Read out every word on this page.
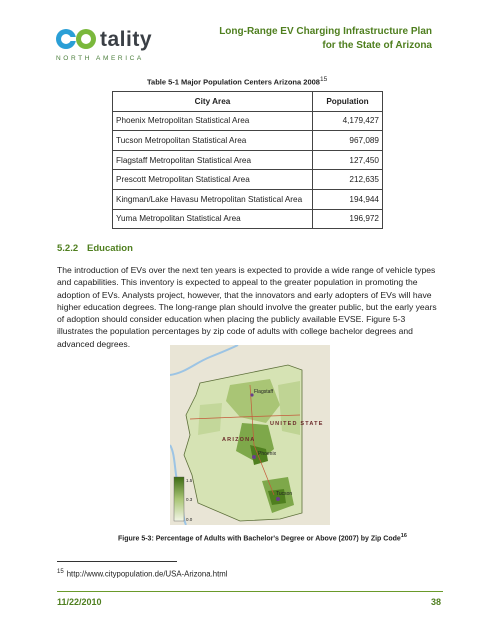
tality
NORTH AMERICA
Long-Range EV Charging Infrastructure Plan
for the State of Arizona
Table 5-1 Major Population Centers Arizona 2008$^{15}$
City Area	Population
Phoenix Metropolitan Statistical Area	4,179,427
Tucson Metropolitan Statistical Area	967,089
Flagstaff Metropolitan Statistical Area	127,450
Prescott Metropolitan Statistical Area	212,635
Kingman/Lake Havasu Metropolitan Statistical Area	194,944
Yuma Metropolitan Statistical Area	196,972
5.2.2 Education

The introduction of EVs over the next ten years is expected to provide a wide range of vehicle types and capabilities. This inventory is expected to appeal to the greater population in promoting the adoption of EVs. Analysts project, however, that the innovators and early adopters of EVs will have higher education degrees. The long-range plan should involve the greater public, but the early years of adoption should consider education when placing the publicly available EVSE. Figure 5-3 illustrates the population percentages by zip code of adults with college bachelor degrees and advanced degrees.

Phoenix
Flagstaff
Tucson
ARIZONA
UNITED STATE
1.5
0.3
0.0
Figure 5-3: Percentage of Adults with Bachelor's Degree or Above (2007) by Zip Code$^{16}$
$^{15}$ http://www.citypopulation.de/USA-Arizona.html
11/22/2010	38
